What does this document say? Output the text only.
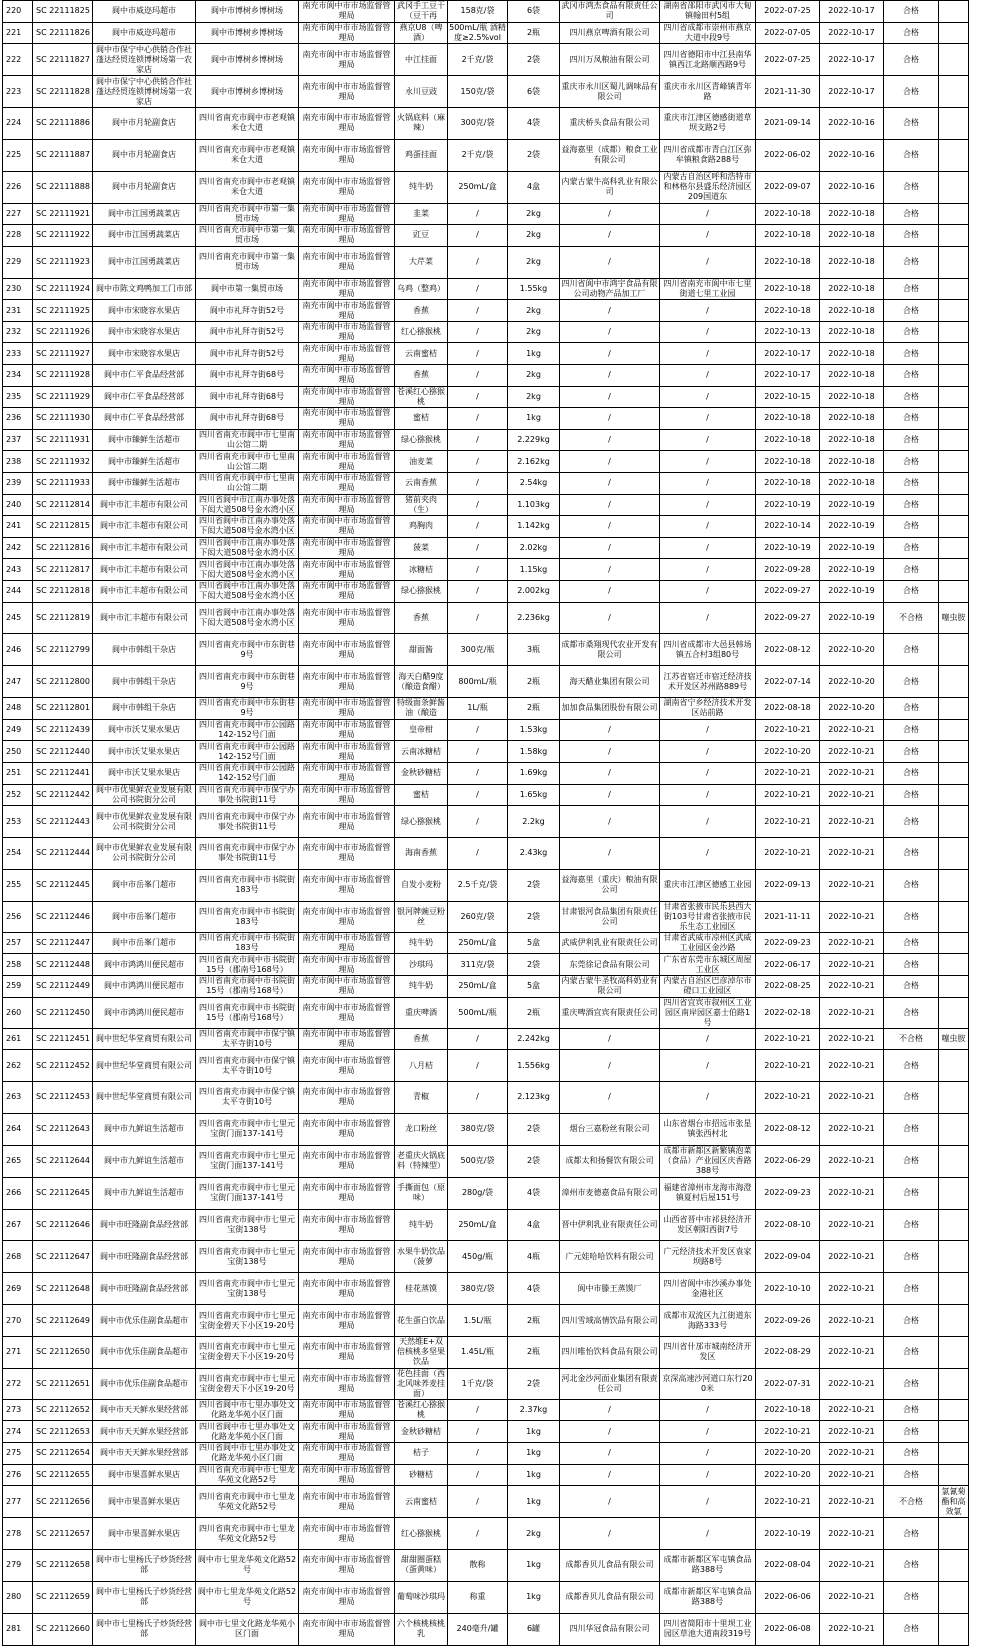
220	SC 22111825	阆中市威迩玛超市	阆中市博树乡博树场	南充市阆中市市场监督管理局	武冈手工豆干（豆干再	158克/袋	6袋	武冈市鸿杰食品有限责任公司	湖南省邵阳市武冈市大甸镇翰田村5组	2022-07-25	2022-10-17	合格	
221	SC 22111826	阆中市威迩玛超市	阆中市博树乡博树场	南充市阆中市市场监督管理局	燕京U8（啤酒）	500mL/瓶 酒精度≥2.5%vol	2瓶	四川燕京啤酒有限公司	四川省成都市崇州市燕京大道中段9号	2022-07-05	2022-10-17	合格	
222	SC 22111827	阆中市保宁中心供销合作社蓬达经贸连锁博树场第一农家店	阆中市博树乡博树场	南充市阆中市市场监督管理局	中江挂面	2千克/袋	2袋	四川万凤粮油有限公司	四川省德阳市中江县南华镇西江北路顺西路9号	2022-07-25	2022-10-17	合格	
223	SC 22111828	阆中市保宁中心供销合作社蓬达经贸连锁博树场第一农家店	阆中市博树乡博树场	南充市阆中市市场监督管理局	永川豆豉	150克/袋	6袋	重庆市永川区蜀儿调味品有限公司	重庆市永川区青峰镇青年路	2021-11-30	2022-10-17	合格	
224	SC 22111886	阆中市月轮副食店	四川省南充市阆中市老观镇米仓大道	南充市阆中市市场监督管理局	火锅底料（麻辣）	300克/袋	4袋	重庆桥头食品有限公司	重庆市江津区德感街道草坝支路2号	2021-09-14	2022-10-16	合格	
225	SC 22111887	阆中市月轮副食店	四川省南充市阆中市老观镇米仓大道	南充市阆中市市场监督管理局	鸡蛋挂面	2千克/袋	2袋	益海嘉里（成都）粮食工业有限公司	四川省成都市青白江区弥牟镇粮食路288号	2022-06-02	2022-10-16	合格	
226	SC 22111888	阆中市月轮副食店	四川省南充市阆中市老观镇米仓大道	南充市阆中市市场监督管理局	纯牛奶	250mL/盒	4盒	内蒙古蒙牛高科乳业有限公司	内蒙古自治区呼和浩特市和林格尔县盛乐经济园区209国道东	2022-09-07	2022-10-16	合格	
227	SC 22111921	阆中市江国勇蔬菜店	四川省南充市阆中市第一集贸市场	南充市阆中市市场监督管理局	韭菜	/	2kg	/	/	2022-10-18	2022-10-18	合格	
228	SC 22111922	阆中市江国勇蔬菜店	四川省南充市阆中市第一集贸市场	南充市阆中市市场监督管理局	豇豆	/	2kg	/	/	2022-10-18	2022-10-18	合格	
229	SC 22111923	阆中市江国勇蔬菜店	四川省南充市阆中市第一集贸市场	南充市阆中市市场监督管理局	大芹菜	/	2kg	/	/	2022-10-18	2022-10-18	合格	
230	SC 22111924	阆中市陈文鸡鸭加工门市部	阆中市第一集贸市场	南充市阆中市市场监督管理局	乌鸡（整鸡）	/	1.55kg	四川省阆中市鸿宇食品有限公司动物产品加工厂	四川省南充市阆中市七里街道七里工业园	2022-10-18	2022-10-18	合格	
231	SC 22111925	阆中市宋晓容水果店	阆中市礼拜寺街52号	南充市阆中市市场监督管理局	香蕉	/	2kg	/	/	2022-10-18	2022-10-18	合格	
232	SC 22111926	阆中市宋晓容水果店	阆中市礼拜寺街52号	南充市阆中市市场监督管理局	红心猕猴桃	/	2kg	/	/	2022-10-13	2022-10-18	合格	
233	SC 22111927	阆中市宋晓容水果店	阆中市礼拜寺街52号	南充市阆中市市场监督管理局	云南蜜桔	/	1kg	/	/	2022-10-17	2022-10-18	合格	
234	SC 22111928	阆中市仁平食品经营部	阆中市礼拜寺街68号	南充市阆中市市场监督管理局	香蕉	/	2kg	/	/	2022-10-17	2022-10-18	合格	
235	SC 22111929	阆中市仁平食品经营部	阆中市礼拜寺街68号	南充市阆中市市场监督管理局	苍溪红心猕猴桃	/	2kg	/	/	2022-10-15	2022-10-18	合格	
236	SC 22111930	阆中市仁平食品经营部	阆中市礼拜寺街68号	南充市阆中市市场监督管理局	蜜桔	/	1kg	/	/	2022-10-18	2022-10-18	合格	
237	SC 22111931	阆中市臻鲜生活超市	四川省南充市阆中市七里南山公馆二期	南充市阆中市市场监督管理局	绿心猕猴桃	/	2.229kg	/	/	2022-10-18	2022-10-18	合格	
238	SC 22111932	阆中市臻鲜生活超市	四川省南充市阆中市七里南山公馆二期	南充市阆中市市场监督管理局	油麦菜	/	2.162kg	/	/	2022-10-18	2022-10-18	合格	
239	SC 22111933	阆中市臻鲜生活超市	四川省南充市阆中市七里南山公馆二期	南充市阆中市市场监督管理局	云南香蕉	/	2.54kg	/	/	2022-10-18	2022-10-18	合格	
240	SC 22112814	阆中市汇丰超市有限公司	四川省阆中市江南办事处落下闳大道508号金水湾小区	南充市阆中市市场监督管理局	猪前夹肉（生）	/	1.103kg	/	/	2022-10-19	2022-10-19	合格	
241	SC 22112815	阆中市汇丰超市有限公司	四川省阆中市江南办事处落下闳大道508号金水湾小区	南充市阆中市市场监督管理局	鸡胸肉	/	1.142kg	/	/	2022-10-14	2022-10-19	合格	
242	SC 22112816	阆中市汇丰超市有限公司	四川省阆中市江南办事处落下闳大道508号金水湾小区	南充市阆中市市场监督管理局	菠菜	/	2.02kg	/	/	2022-10-19	2022-10-19	合格	
243	SC 22112817	阆中市汇丰超市有限公司	四川省阆中市江南办事处落下闳大道508号金水湾小区	南充市阆中市市场监督管理局	冰糖桔	/	1.15kg	/	/	2022-09-28	2022-10-19	合格	
244	SC 22112818	阆中市汇丰超市有限公司	四川省阆中市江南办事处落下闳大道508号金水湾小区	南充市阆中市市场监督管理局	绿心猕猴桃	/	2.002kg	/	/	2022-09-27	2022-10-19	合格	
245	SC 22112819	阆中市汇丰超市有限公司	四川省阆中市江南办事处落下闳大道508号金水湾小区	南充市阆中市市场监督管理局	香蕉	/	2.236kg	/	/	2022-09-27	2022-10-19	不合格	噻虫胺
246	SC 22112799	阆中市韩组干杂店	四川省南充市阆中市东街巷9号	南充市阆中市市场监督管理局	甜面酱	300克/瓶	3瓶	成都市桑翔现代农业开发有限公司	四川省成都市大邑县韩场镇五合村3组80号	2022-08-12	2022-10-20	合格	
247	SC 22112800	阆中市韩组干杂店	四川省南充市阆中市东街巷9号	南充市阆中市市场监督管理局	海天白醋9度（酿造食醋）	800mL/瓶	2瓶	海天醋业集团有限公司	江苏省宿迁市宿迁经济技术开发区苏州路889号	2022-07-14	2022-10-20	合格	
248	SC 22112801	阆中市韩组干杂店	四川省南充市阆中市东街巷9号	南充市阆中市市场监督管理局	特级面条鲜酱油（酿造	1L/瓶	2瓶	加加食品集团股份有限公司	湖南省宁乡经济技术开发区站前路	2022-08-18	2022-10-20	合格	
249	SC 22112439	阆中市沃艾果水果店	四川省南充市阆中市公园路142-152号门面	南充市阆中市市场监督管理局	皇帝柑	/	1.53kg	/	/	2022-10-21	2022-10-21	合格	
250	SC 22112440	阆中市沃艾果水果店	四川省南充市阆中市公园路142-152号门面	南充市阆中市市场监督管理局	云南冰糖桔	/	1.58kg	/	/	2022-10-20	2022-10-21	合格	
251	SC 22112441	阆中市沃艾果水果店	四川省南充市阆中市公园路142-152号门面	南充市阆中市市场监督管理局	金秋砂糖桔	/	1.69kg	/	/	2022-10-21	2022-10-21	合格	
252	SC 22112442	阆中市优果鲜农业发展有限公司书院街分公司	四川省南充市阆中市保宁办事处书院街11号	南充市阆中市市场监督管理局	蜜桔	/	1.65kg	/	/	2022-10-21	2022-10-21	合格	
253	SC 22112443	阆中市优果鲜农业发展有限公司书院街分公司	四川省南充市阆中市保宁办事处书院街11号	南充市阆中市市场监督管理局	绿心猕猴桃	/	2.2kg	/	/	2022-10-21	2022-10-21	合格	
254	SC 22112444	阆中市优果鲜农业发展有限公司书院街分公司	四川省南充市阆中市保宁办事处书院街11号	南充市阆中市市场监督管理局	海南香蕉	/	2.43kg	/	/	2022-10-21	2022-10-21	合格	
255	SC 22112445	阆中市岳峯门超市	四川省南充市阆中市书院街183号	南充市阆中市市场监督管理局	自发小麦粉	2.5千克/袋	2袋	益海嘉里（重庆）粮油有限公司	重庆市江津区德感工业园	2022-09-13	2022-10-21	合格	
256	SC 22112446	阆中市岳峯门超市	四川省南充市阆中市书院街183号	南充市阆中市市场监督管理局	银河牌豌豆粉丝	260克/袋	2袋	甘肃银河食品集团有限责任公司	甘肃省张掖市民乐县西大街103号甘肃省张掖市民乐生态工业园区	2021-11-11	2022-10-21	合格	
257	SC 22112447	阆中市岳峯门超市	四川省南充市阆中市书院街183号	南充市阆中市市场监督管理局	纯牛奶	250mL/盒	5盒	武威伊利乳业有限责任公司	甘肃省武威市凉州区武威工业园区金沙路	2022-09-23	2022-10-21	合格	
258	SC 22112448	阆中市鸿鸿川便民超市	四川省南充市阆中市书院街15号（郡南号168号）	南充市阆中市市场监督管理局	沙琪玛	311克/袋	2袋	东莞徐记食品有限公司	广东省东莞市东城区周屋工业区	2022-06-17	2022-10-21	合格	
259	SC 22112449	阆中市鸿鸿川便民超市	四川省南充市阆中市书院街15号（郡南号168号）	南充市阆中市市场监督管理局	纯牛奶	250mL/盒	5盒	内蒙古蒙牛圣牧高科奶业有限公司	内蒙古自治区巴彦淖尔市磴口工业园区	2022-08-25	2022-10-21	合格	
260	SC 22112450	阆中市鸿鸿川便民超市	四川省南充市阆中市书院街15号（郡南号168号）	南充市阆中市市场监督管理局	重庆啤酒	500mL/瓶	2瓶	重庆啤酒宜宾有限责任公司	四川省宜宾市叙州区工业园区南岸园区嘉士伯路1号	2022-02-18	2022-10-21	合格	
261	SC 22112451	阆中世纪华堂商贸有限公司	四川省南充市阆中市保宁镇太平寺街10号	南充市阆中市市场监督管理局	香蕉	/	2.242kg	/	/	2022-10-21	2022-10-21	不合格	噻虫胺
262	SC 22112452	阆中世纪华堂商贸有限公司	四川省南充市阆中市保宁镇太平寺街10号	南充市阆中市市场监督管理局	八月桔	/	1.556kg	/	/	2022-10-21	2022-10-21	合格	
263	SC 22112453	阆中世纪华堂商贸有限公司	四川省南充市阆中市保宁镇太平寺街10号	南充市阆中市市场监督管理局	青椒	/	2.123kg	/	/	2022-10-21	2022-10-21	合格	
264	SC 22112643	阆中市九鲜谊生活超市	四川省南充市阆中市七里元宝街门面137-141号	南充市阆中市市场监督管理局	龙口粉丝	380克/袋	2袋	烟台三嘉粉丝有限公司	山东省烟台市招远市张星镇张西村北	2022-08-12	2022-10-21	合格	
265	SC 22112644	阆中市九鲜谊生活超市	四川省南充市阆中市七里元宝街门面137-141号	南充市阆中市市场监督管理局	老重庆火锅底料（特辣型）	500克/袋	2袋	成都太和扬餐饮有限公司	成都市新都区新繁镇泡菜（食品）产业园区庆香路388号	2022-06-29	2022-10-21	合格	
266	SC 22112645	阆中市九鲜谊生活超市	四川省南充市阆中市七里元宝街门面137-141号	南充市阆中市市场监督管理局	手撕面包（原味）	280g/袋	4袋	漳州市麦德嘉食品有限公司	福建省漳州市龙海市海澄镇夏村后屋151号	2022-09-23	2022-10-21	合格	
267	SC 22112646	阆中市旺隆副食品经营部	四川省南充市阆中市七里元宝街138号	南充市阆中市市场监督管理局	纯牛奶	250mL/盒	4盒	晋中伊利乳业有限责任公司	山西省晋中市祁县经济开发区朝阳西街7号	2022-08-10	2022-10-21	合格	
268	SC 22112647	阆中市旺隆副食品经营部	四川省南充市阆中市七里元宝街138号	南充市阆中市市场监督管理局	水果牛奶饮品（菠萝	450g/瓶	4瓶	广元娃哈哈饮料有限公司	广元经济技术开发区袁家坝路8号	2022-09-04	2022-10-21	合格	
269	SC 22112648	阆中市旺隆副食品经营部	四川省南充市阆中市七里元宝街138号	南充市阆中市市场监督管理局	桂花蒸馍	380克/袋	4袋	阆中市滕王蒸馍厂	四川省阆中市沙溪办事处金港社区	2022-10-10	2022-10-21	合格	
270	SC 22112649	阆中市优乐佳副食品超市	四川省南充市阆中市七里元宝街金碧天下小区19-20号	南充市阆中市市场监督管理局	花生蛋白饮品	1.5L/瓶	2瓶	四川雪域高情饮品有限公司	成都市双流区九江街道东海路333号	2022-09-26	2022-10-21	合格	
271	SC 22112650	阆中市优乐佳副食品超市	四川省南充市阆中市七里元宝街金碧天下小区19-20号	南充市阆中市市场监督管理局	天然维E+双倍核桃多坚果饮品	1.45L/瓶	2瓶	四川唯怡饮料食品有限公司	四川省什邡市城南经济开发区	2022-08-29	2022-10-21	合格	
272	SC 22112651	阆中市优乐佳副食品超市	四川省南充市阆中市七里元宝街金碧天下小区19-20号	南充市阆中市市场监督管理局	花色挂面（西北风味荞麦挂面）	1千克/袋	2袋	河北金沙河面业集团有限责任公司	京深高速沙河道口东行200米	2022-07-31	2022-10-21	合格	
273	SC 22112652	阆中市天天鲜水果经营部	四川省阆中市七里办事处文化路龙华苑小区门面	南充市阆中市市场监督管理局	苍溪红心猕猴桃	/	2.37kg	/	/	2022-10-18	2022-10-21	合格	
274	SC 22112653	阆中市天天鲜水果经营部	四川省阆中市七里办事处文化路龙华苑小区门面	南充市阆中市市场监督管理局	金秋砂糖桔	/	1kg	/	/	2022-10-21	2022-10-21	合格	
275	SC 22112654	阆中市天天鲜水果经营部	四川省阆中市七里办事处文化路龙华苑小区门面	南充市阆中市市场监督管理局	桔子	/	1kg	/	/	2022-10-20	2022-10-21	合格	
276	SC 22112655	阆中市果喜鲜水果店	四川省南充市阆中市七里龙华苑文化路52号	南充市阆中市市场监督管理局	砂糖桔	/	1kg	/	/	2022-10-20	2022-10-21	合格	
277	SC 22112656	阆中市果喜鲜水果店	四川省南充市阆中市七里龙华苑文化路52号	南充市阆中市市场监督管理局	云南蜜桔	/	1kg	/	/	2022-10-21	2022-10-21	不合格	氯氰菊酯和高效氯
278	SC 22112657	阆中市果喜鲜水果店	四川省南充市阆中市七里龙华苑文化路52号	南充市阆中市市场监督管理局	红心猕猴桃	/	2kg	/	/	2022-10-19	2022-10-21	合格	
279	SC 22112658	阆中市七里杨氏子炒货经营部	阆中市七里龙华苑文化路52号	南充市阆中市市场监督管理局	甜甜圈蛋糕（蛋黄味）	散称	1kg	成都香贝儿食品有限公司	成都市新都区军屯镇食品路388号	2022-08-04	2022-10-21	合格	
280	SC 22112659	阆中市七里杨氏子炒货经营部	阆中市七里龙华苑文化路52号	南充市阆中市市场监督管理局	葡萄味沙琪玛	称重	1kg	成都香贝儿食品有限公司	成都市新都区军屯镇食品路388号	2022-06-06	2022-10-21	合格	
281	SC 22112660	阆中市七里杨氏子炒货经营部	阆中市七里文化路龙华苑小区门面	南充市阆中市市场监督管理局	六个核桃核桃乳	240毫升/罐	6罐	四川华冠食品有限公司	四川省简阳市十里坝工业园区草池大道南段319号	2022-06-08	2022-10-21	合格	
